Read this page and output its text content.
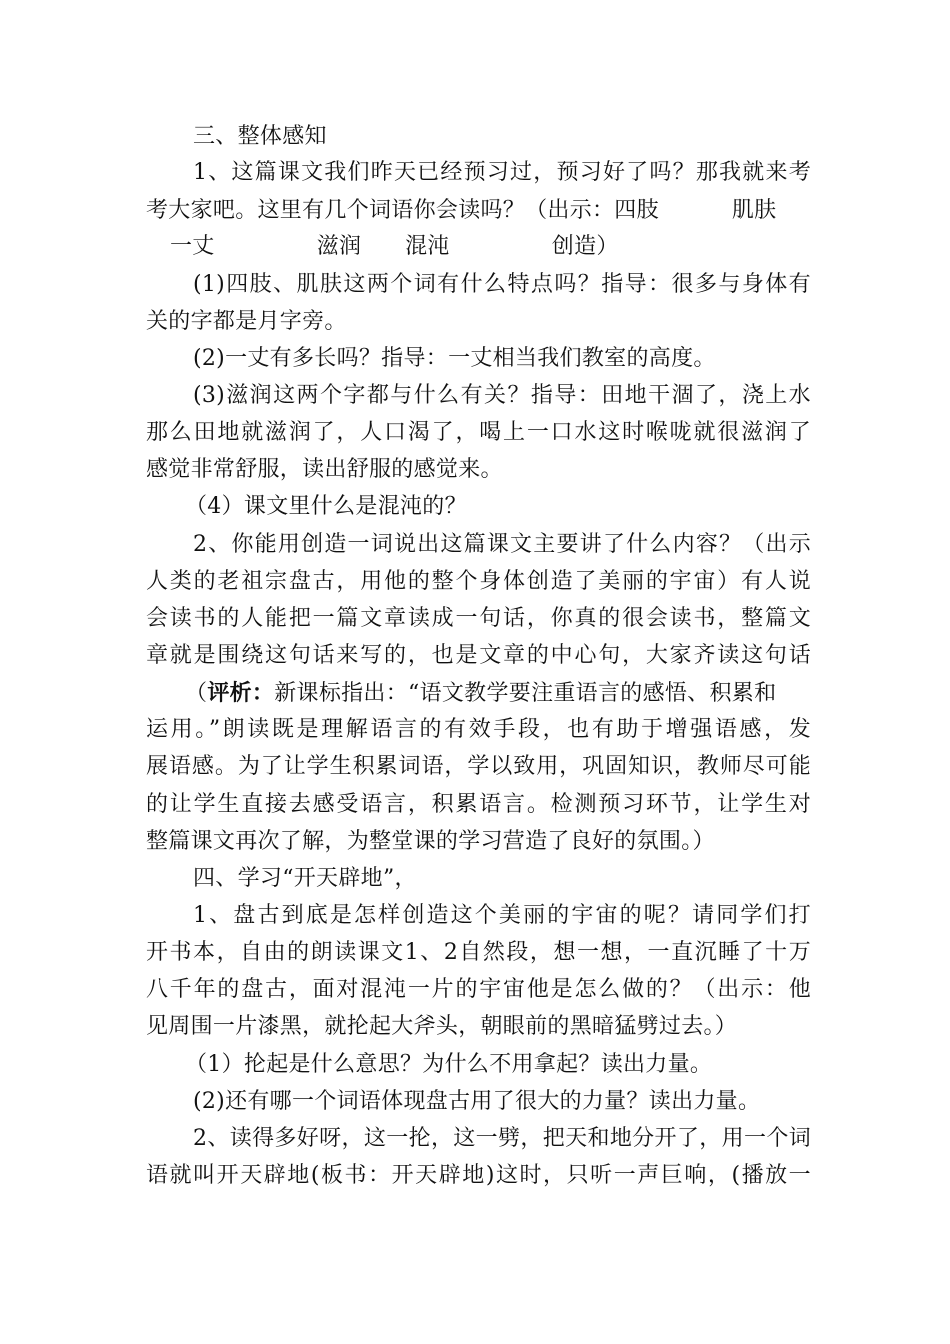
三、整体感知
1、这篇课文我们昨天已经预习过，预习好了吗？那我就来考
考大家吧。这里有几个词语你会读吗？（出示：四肢          肌肤
一丈              滋润      混沌              创造）
(1)四肢、肌肤这两个词有什么特点吗？指导：很多与身体有
关的字都是月字旁。
(2)一丈有多长吗？指导：一丈相当我们教室的高度。
(3)滋润这两个字都与什么有关？指导：田地干涸了，浇上水
那么田地就滋润了，人口渴了，喝上一口水这时喉咙就很滋润了
感觉非常舒服，读出舒服的感觉来。
（4）课文里什么是混沌的？
2、你能用创造一词说出这篇课文主要讲了什么内容？（出示
人类的老祖宗盘古，用他的整个身体创造了美丽的宇宙）有人说
会读书的人能把一篇文章读成一句话，你真的很会读书，整篇文
章就是围绕这句话来写的，也是文章的中心句，大家齐读这句话
（评析：新课标指出：“语文教学要注重语言的感悟、积累和
运用。”朗读既是理解语言的有效手段，也有助于增强语感，发
展语感。为了让学生积累词语，学以致用，巩固知识，教师尽可能
的让学生直接去感受语言，积累语言。检测预习环节，让学生对
整篇课文再次了解，为整堂课的学习营造了良好的氛围。）
四、学习“开天辟地”，
1、盘古到底是怎样创造这个美丽的宇宙的呢？请同学们打
开书本，自由的朗读课文1、2自然段，想一想，一直沉睡了十万
八千年的盘古，面对混沌一片的宇宙他是怎么做的？（出示：他
见周围一片漆黑，就抡起大斧头，朝眼前的黑暗猛劈过去。）
（1）抡起是什么意思？为什么不用拿起？读出力量。
(2)还有哪一个词语体现盘古用了很大的力量？读出力量。
2、读得多好呀，这一抡，这一劈，把天和地分开了，用一个词
语就叫开天辟地(板书：开天辟地)这时，只听一声巨响，(播放一
